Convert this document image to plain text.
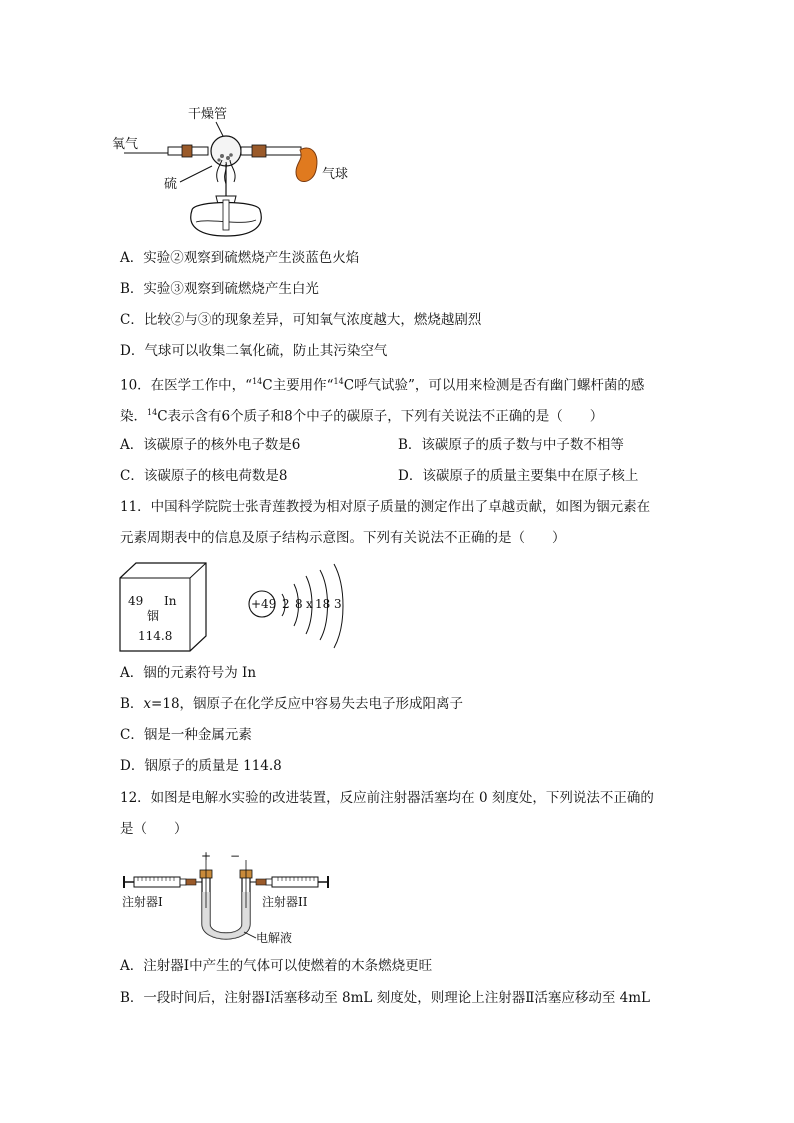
干燥管
氧气
气球
硫
A．实验②观察到硫燃烧产生淡蓝色火焰
B．实验③观察到硫燃烧产生白光
C．比较②与③的现象差异，可知氧气浓度越大，燃烧越剧烈
D．气球可以收集二氧化硫，防止其污染空气
10．在医学工作中，“$^{14}$C主要用作“$^{14}$C呼气试验”，可以用来检测是否有幽门螺杆菌的感
染．$^{14}$C表示含有6个质子和8个中子的碳原子，下列有关说法不正确的是（　　）
A．该碳原子的核外电子数是6	B．该碳原子的质子数与中子数不相等
C．该碳原子的核电荷数是8	D．该碳原子的质量主要集中在原子核上
11．中国科学院院士张青莲教授为相对原子质量的测定作出了卓越贡献，如图为铟元素在
元素周期表中的信息及原子结构示意图。下列有关说法不正确的是（　　）
49 In
铟
114.8
+49 2 8 x 18 3
A．铟的元素符号为 In
B．x=18，铟原子在化学反应中容易失去电子形成阳离子
C．铟是一种金属元素
D．铟原子的质量是 114.8
12．如图是电解水实验的改进装置，反应前注射器活塞均在 0 刻度处，下列说法不正确的
是（　　）
+ −
注射器I	注射器II
电解液
A．注射器Ⅰ中产生的气体可以使燃着的木条燃烧更旺
B．一段时间后，注射器Ⅰ活塞移动至 8mL 刻度处，则理论上注射器Ⅱ活塞应移动至 4mL
